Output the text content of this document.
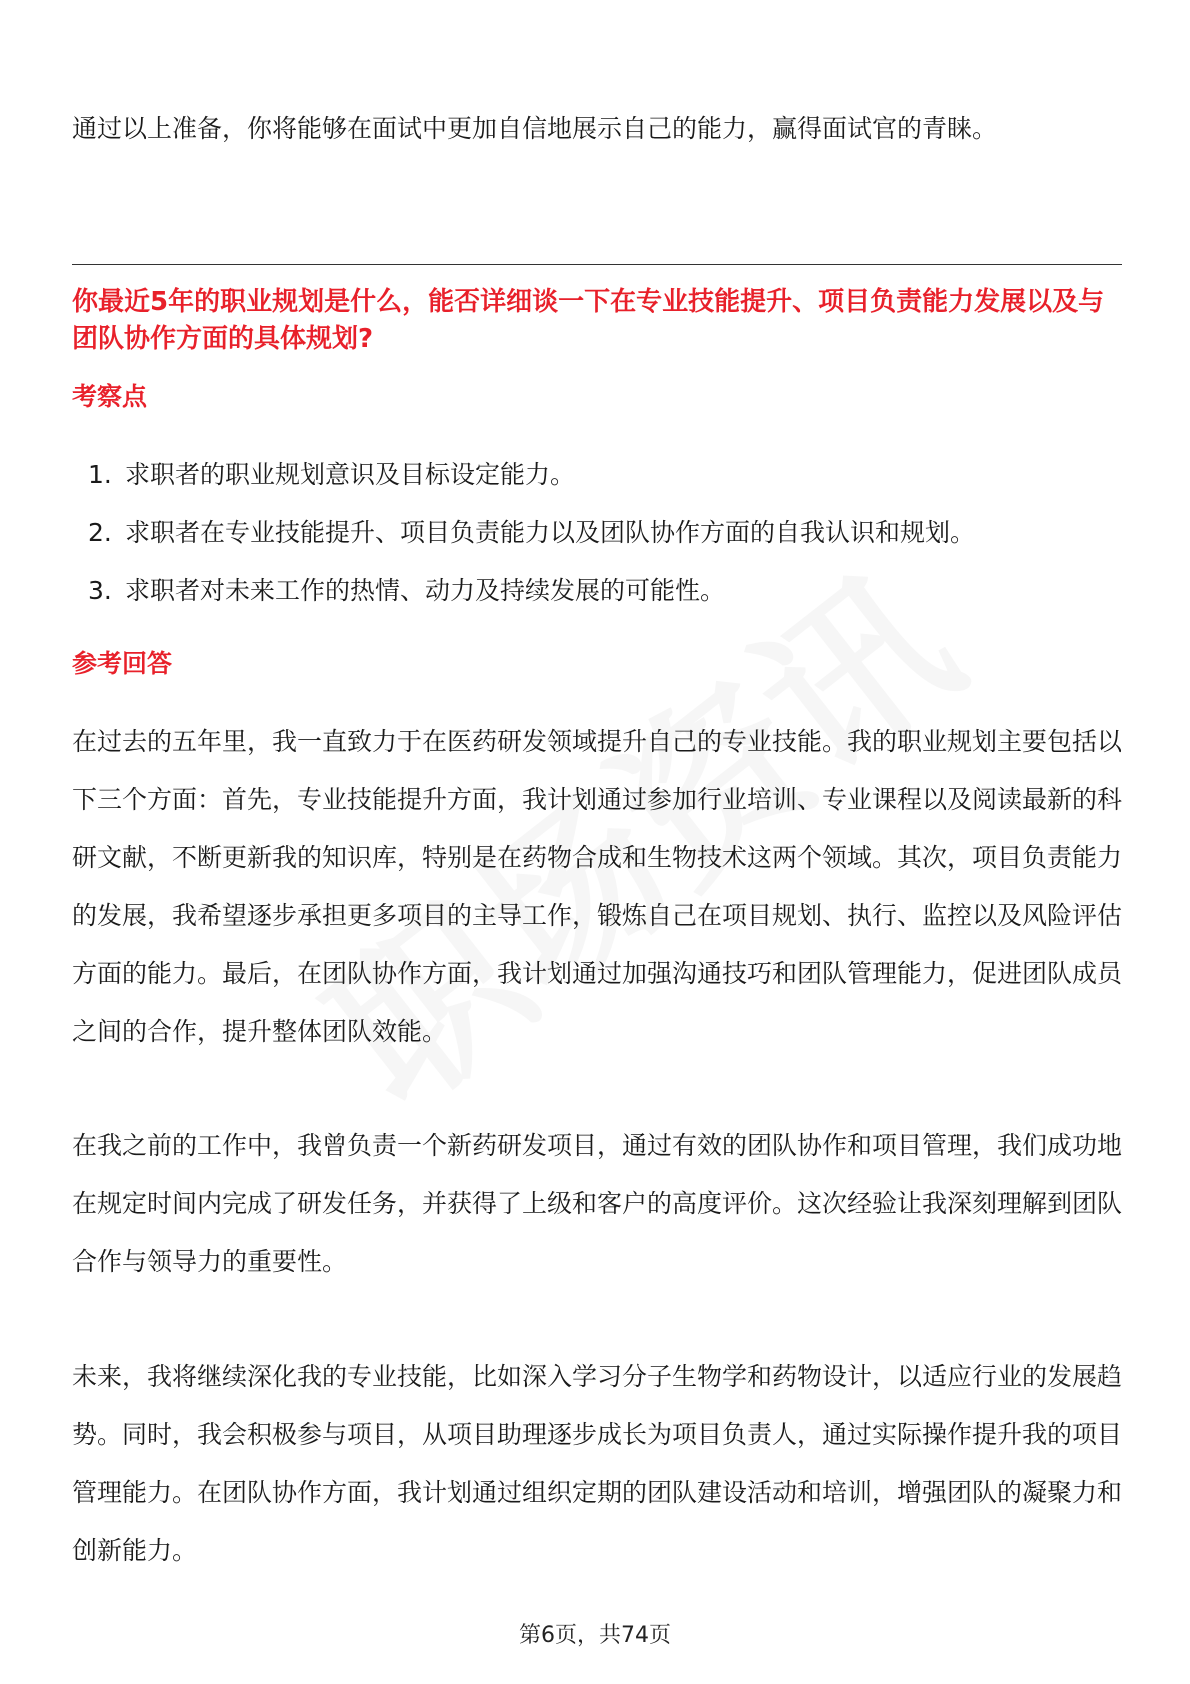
通过以上准备，你将能够在面试中更加自信地展示自己的能力，赢得面试官的青睐。

你最近5年的职业规划是什么，能否详细谈一下在专业技能提升、项目负责能力发展以及与团队协作方面的具体规划?
考察点
1. 求职者的职业规划意识及目标设定能力。
2. 求职者在专业技能提升、项目负责能力以及团队协作方面的自我认识和规划。
3. 求职者对未来工作的热情、动力及持续发展的可能性。
参考回答

在过去的五年里，我一直致力于在医药研发领域提升自己的专业技能。我的职业规划主要包括以下三个方面：首先，专业技能提升方面，我计划通过参加行业培训、专业课程以及阅读最新的科研文献，不断更新我的知识库，特别是在药物合成和生物技术这两个领域。其次，项目负责能力的发展，我希望逐步承担更多项目的主导工作，锻炼自己在项目规划、执行、监控以及风险评估方面的能力。最后，在团队协作方面，我计划通过加强沟通技巧和团队管理能力，促进团队成员之间的合作，提升整体团队效能。

在我之前的工作中，我曾负责一个新药研发项目，通过有效的团队协作和项目管理，我们成功地在规定时间内完成了研发任务，并获得了上级和客户的高度评价。这次经验让我深刻理解到团队合作与领导力的重要性。

未来，我将继续深化我的专业技能，比如深入学习分子生物学和药物设计，以适应行业的发展趋势。同时，我会积极参与项目，从项目助理逐步成长为项目负责人，通过实际操作提升我的项目管理能力。在团队协作方面，我计划通过组织定期的团队建设活动和培训，增强团队的凝聚力和创新能力。

第6页，共74页
